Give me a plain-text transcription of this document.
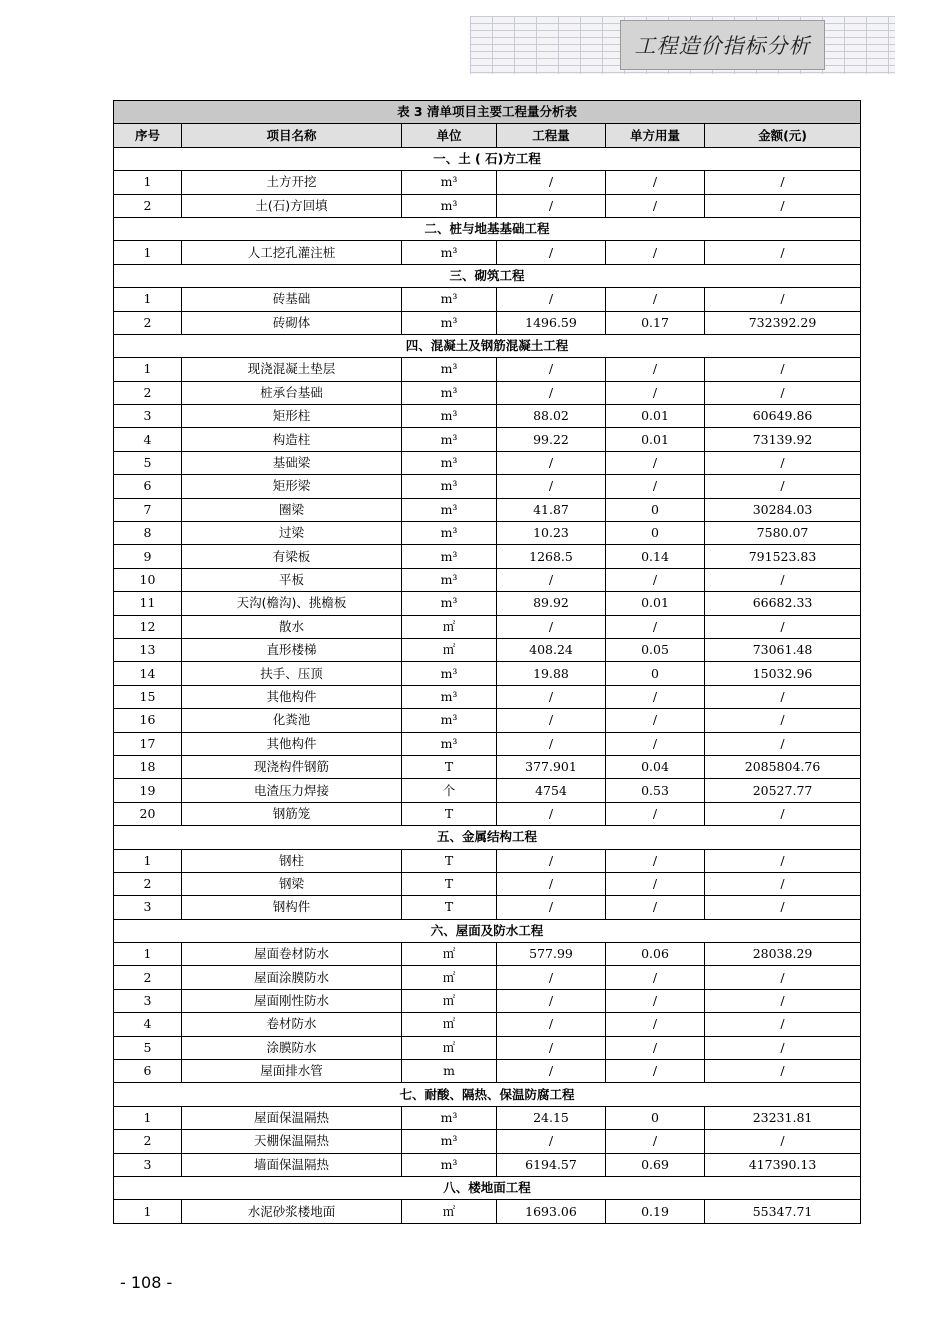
工程造价指标分析
表 3 清单项目主要工程量分析表					
序号	项目名称	单位	工程量	单方用量	金额(元)
一、土 ( 石)方工程					
1	土方开挖	m³	/	/	/
2	土(石)方回填	m³	/	/	/
二、桩与地基基础工程					
1	人工挖孔灌注桩	m³	/	/	/
三、砌筑工程					
1	砖基础	m³	/	/	/
2	砖砌体	m³	1496.59	0.17	732392.29
四、混凝土及钢筋混凝土工程					
1	现浇混凝土垫层	m³	/	/	/
2	桩承台基础	m³	/	/	/
3	矩形柱	m³	88.02	0.01	60649.86
4	构造柱	m³	99.22	0.01	73139.92
5	基础梁	m³	/	/	/
6	矩形梁	m³	/	/	/
7	圈梁	m³	41.87	0	30284.03
8	过梁	m³	10.23	0	7580.07
9	有梁板	m³	1268.5	0.14	791523.83
10	平板	m³	/	/	/
11	天沟(檐沟)、挑檐板	m³	89.92	0.01	66682.33
12	散水	㎡	/	/	/
13	直形楼梯	㎡	408.24	0.05	73061.48
14	扶手、压顶	m³	19.88	0	15032.96
15	其他构件	m³	/	/	/
16	化粪池	m³	/	/	/
17	其他构件	m³	/	/	/
18	现浇构件钢筋	T	377.901	0.04	2085804.76
19	电渣压力焊接	个	4754	0.53	20527.77
20	钢筋笼	T	/	/	/
五、金属结构工程					
1	钢柱	T	/	/	/
2	钢梁	T	/	/	/
3	钢构件	T	/	/	/
六、屋面及防水工程					
1	屋面卷材防水	㎡	577.99	0.06	28038.29
2	屋面涂膜防水	㎡	/	/	/
3	屋面刚性防水	㎡	/	/	/
4	卷材防水	㎡	/	/	/
5	涂膜防水	㎡	/	/	/
6	屋面排水管	m	/	/	/
七、耐酸、隔热、保温防腐工程					
1	屋面保温隔热	m³	24.15	0	23231.81
2	天棚保温隔热	m³	/	/	/
3	墙面保温隔热	m³	6194.57	0.69	417390.13
八、楼地面工程					
1	水泥砂浆楼地面	㎡	1693.06	0.19	55347.71
- 108 -
